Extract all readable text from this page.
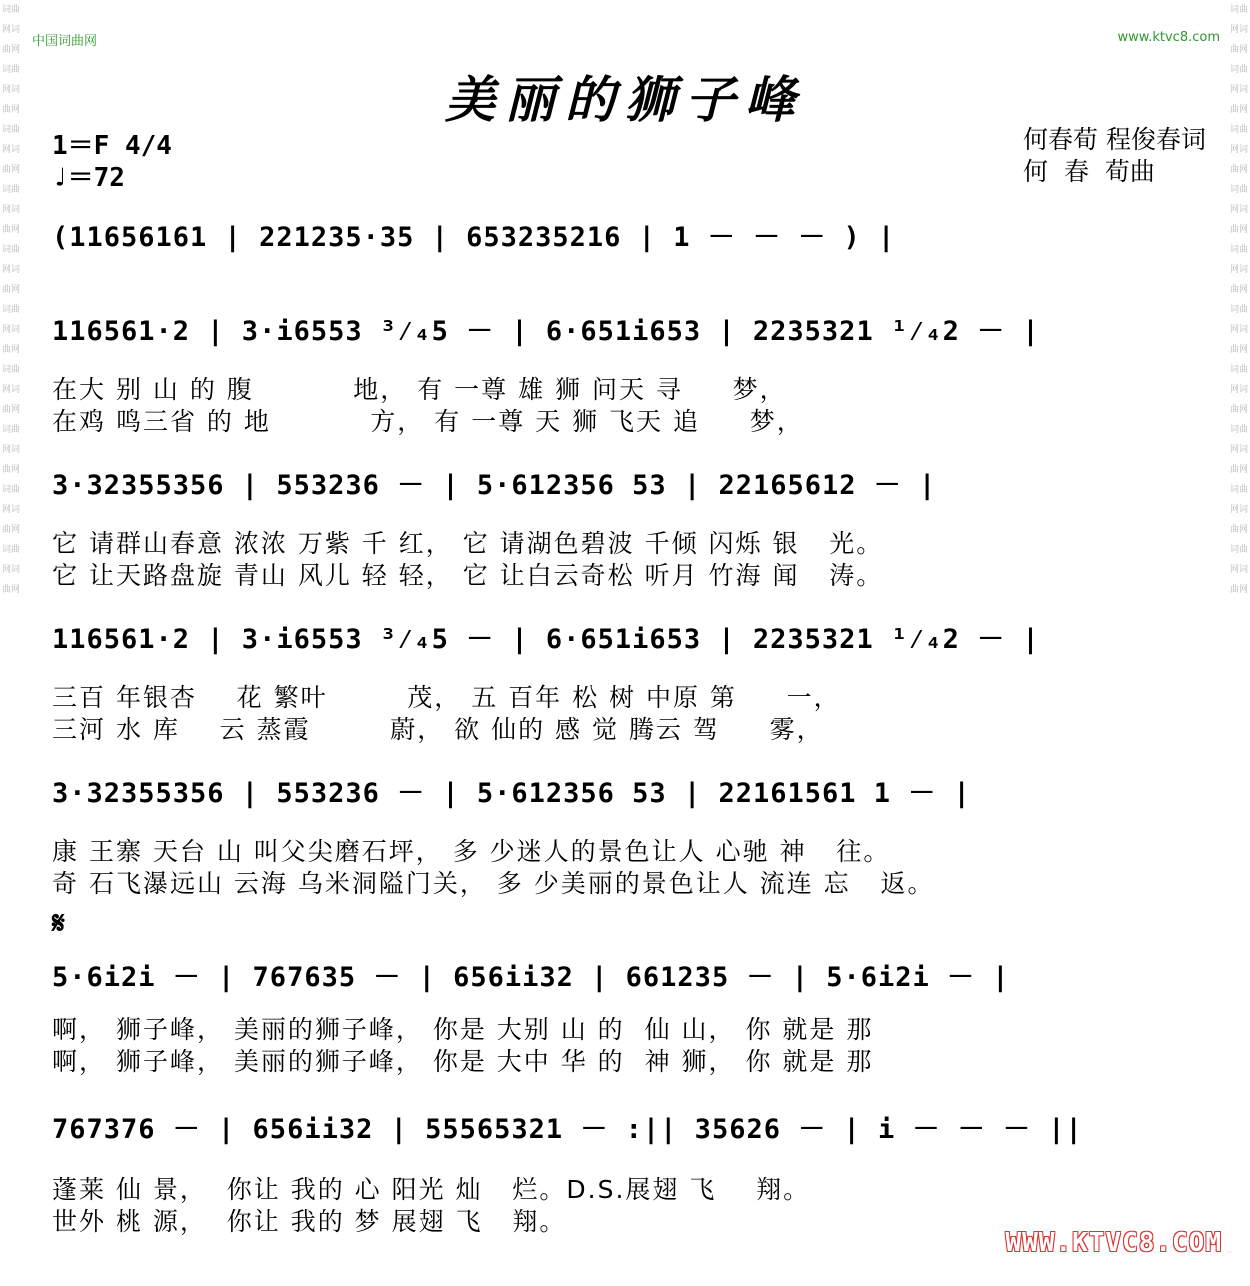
词曲网词曲网词曲网词曲网词曲网词曲网词曲网词曲网词曲网词曲网词曲网词曲网词曲网词曲网词曲网词曲网词曲网词曲网词曲网词曲网
词曲网词曲网词曲网词曲网词曲网词曲网词曲网词曲网词曲网词曲网词曲网词曲网词曲网词曲网词曲网词曲网词曲网词曲网词曲网词曲网
中国词曲网	www.ktvc8.com
美丽的狮子峰
1＝F 4/4
♩＝72
何春荀 程俊春词
何  春  荀曲
(11656161 | 221235·35 | 653235216 | 1 － － － ) |
116561·2 | 3·i6553 ³⁄₄5 － | 6·651i653 | 2235321 ¹⁄₄2 － |
在大 别 山 的 腹          地， 有 一尊 雄 狮 问天 寻     梦，
在鸡 鸣三省 的 地          方， 有 一尊 天 狮 飞天 追     梦，
3·32355356 | 553236 － | 5·612356 53 | 22165612 － |
它 请群山春意 浓浓 万紫 千 红， 它 请湖色碧波 千倾 闪烁 银   光。
它 让天路盘旋 青山 风儿 轻 轻， 它 让白云奇松 听月 竹海 闻   涛。
116561·2 | 3·i6553 ³⁄₄5 － | 6·651i653 | 2235321 ¹⁄₄2 － |
三百 年银杏    花 繁叶        茂， 五 百年 松 树 中原 第     一，
三河 水 库    云 蒸霞        蔚， 欲 仙的 感 觉 腾云 驾     雾，
3·32355356 | 553236 － | 5·612356 53 | 22161561 1 － |
康 王寨 天台 山 叫父尖磨石坪， 多 少迷人的景色让人 心驰 神   往。
奇 石飞瀑远山 云海 乌米洞隘门关， 多 少美丽的景色让人 流连 忘   返。
𝄋
5·6i2i － | 767635 － | 656ii32 | 661235 － | 5·6i2i － |
啊， 狮子峰， 美丽的狮子峰， 你是 大别 山 的  仙 山， 你 就是 那
啊， 狮子峰， 美丽的狮子峰， 你是 大中 华 的  神 狮， 你 就是 那
767376 － | 656ii32 | 55565321 － :|| 35626 － | i － － － ||
蓬莱 仙 景，  你让 我的 心 阳光 灿   烂。D.S.展翅 飞    翔。
世外 桃 源，  你让 我的 梦 展翅 飞   翔。
WWW.KTVC8.COM
